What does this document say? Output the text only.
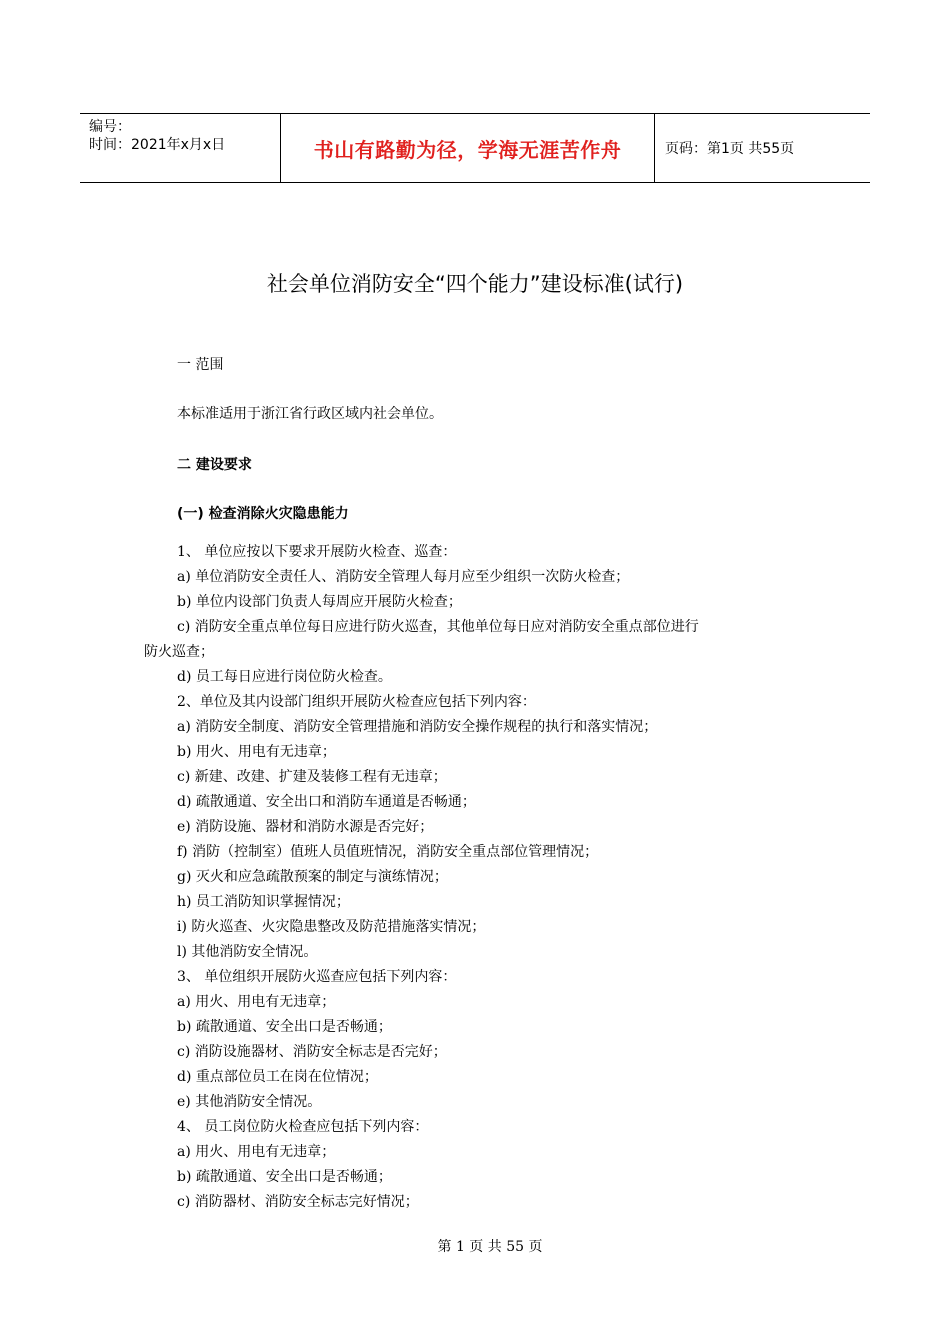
编号：
时间：2021年x月x日	书山有路勤为径，学海无涯苦作舟	页码：第1页 共55页
社会单位消防安全“四个能力”建设标准(试行)
一 范围
本标准适用于浙江省行政区域内社会单位。
二 建设要求
(一) 检查消除火灾隐患能力
1、 单位应按以下要求开展防火检查、巡查：
a) 单位消防安全责任人、消防安全管理人每月应至少组织一次防火检查；
b) 单位内设部门负责人每周应开展防火检查；
c) 消防安全重点单位每日应进行防火巡查，其他单位每日应对消防安全重点部位进行
防火巡查；
d) 员工每日应进行岗位防火检查。
2、单位及其内设部门组织开展防火检查应包括下列内容：
a) 消防安全制度、消防安全管理措施和消防安全操作规程的执行和落实情况；
b) 用火、用电有无违章；
c) 新建、改建、扩建及装修工程有无违章；
d) 疏散通道、安全出口和消防车通道是否畅通；
e) 消防设施、器材和消防水源是否完好；
f) 消防（控制室）值班人员值班情况，消防安全重点部位管理情况；
g) 灭火和应急疏散预案的制定与演练情况；
h) 员工消防知识掌握情况；
i) 防火巡查、火灾隐患整改及防范措施落实情况；
l) 其他消防安全情况。
3、 单位组织开展防火巡查应包括下列内容：
a) 用火、用电有无违章；
b) 疏散通道、安全出口是否畅通；
c) 消防设施器材、消防安全标志是否完好；
d) 重点部位员工在岗在位情况；
e) 其他消防安全情况。
4、 员工岗位防火检查应包括下列内容：
a) 用火、用电有无违章；
b) 疏散通道、安全出口是否畅通；
c) 消防器材、消防安全标志完好情况；
第 1 页 共 55 页
